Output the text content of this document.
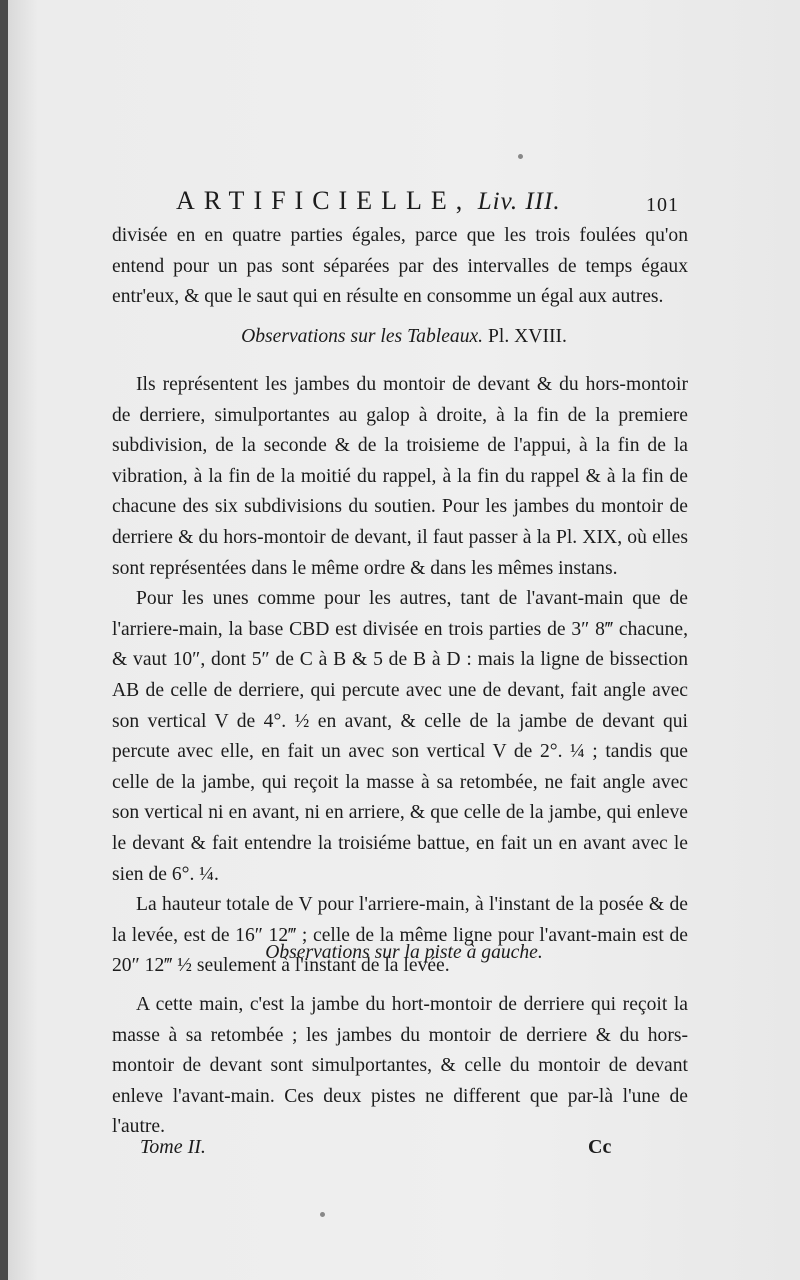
ARTIFICIELLE, Liv. III.	101

divisée en en quatre parties égales, parce que les trois foulées qu'on entend pour un pas sont séparées par des intervalles de temps égaux entr'eux, & que le saut qui en résulte en consomme un égal aux autres.

Observations sur les Tableaux. Pl. XVIII.

Ils représentent les jambes du montoir de devant & du hors-montoir de derriere, simulportantes au galop à droite, à la fin de la premiere subdivision, de la seconde & de la troisieme de l'appui, à la fin de la vibration, à la fin de la moitié du rappel, à la fin du rappel & à la fin de chacune des six subdivisions du soutien. Pour les jambes du montoir de derriere & du hors-montoir de devant, il faut passer à la Pl. XIX, où elles sont représentées dans le même ordre & dans les mêmes instans.

Pour les unes comme pour les autres, tant de l'avant-main que de l'arriere-main, la base CBD est divisée en trois parties de 3″ 8‴ chacune, & vaut 10″, dont 5″ de C à B & 5 de B à D : mais la ligne de bissection AB de celle de derriere, qui percute avec une de devant, fait angle avec son vertical V de 4°. ½ en avant, & celle de la jambe de devant qui percute avec elle, en fait un avec son vertical V de 2°. ¼ ; tandis que celle de la jambe, qui reçoit la masse à sa retombée, ne fait angle avec son vertical ni en avant, ni en arriere, & que celle de la jambe, qui enleve le devant & fait entendre la troisiéme battue, en fait un en avant avec le sien de 6°. ¼.

La hauteur totale de V pour l'arriere-main, à l'instant de la posée & de la levée, est de 16″ 12‴ ; celle de la même ligne pour l'avant-main est de 20″ 12‴ ½ seulement à l'instant de la levée.

Observations sur la piste à gauche.

A cette main, c'est la jambe du hort-montoir de derriere qui reçoit la masse à sa retombée ; les jambes du montoir de derriere & du hors-montoir de devant sont simulportantes, & celle du montoir de devant enleve l'avant-main. Ces deux pistes ne different que par-là l'une de l'autre.

Tome II.	Cc
